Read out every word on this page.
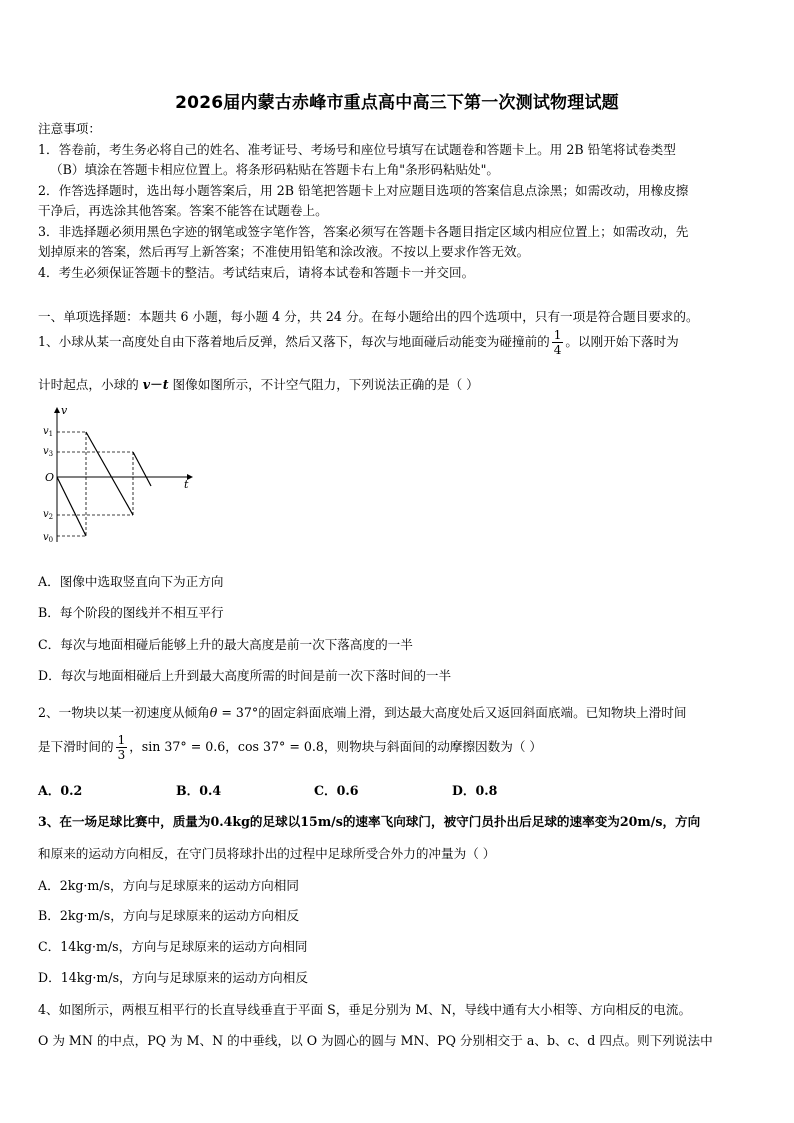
2026届内蒙古赤峰市重点高中高三下第一次测试物理试题
注意事项：
1．答卷前，考生务必将自己的姓名、准考证号、考场号和座位号填写在试题卷和答题卡上。用 2B 铅笔将试卷类型
（B）填涂在答题卡相应位置上。将条形码粘贴在答题卡右上角"条形码粘贴处"。
2．作答选择题时，选出每小题答案后，用 2B 铅笔把答题卡上对应题目选项的答案信息点涂黑；如需改动，用橡皮擦
干净后，再选涂其他答案。答案不能答在试题卷上。
3．非选择题必须用黑色字迹的钢笔或签字笔作答，答案必须写在答题卡各题目指定区域内相应位置上；如需改动，先
划掉原来的答案，然后再写上新答案；不准使用铅笔和涂改液。不按以上要求作答无效。
4．考生必须保证答题卡的整洁。考试结束后，请将本试卷和答题卡一并交回。
一、单项选择题：本题共 6 小题，每小题 4 分，共 24 分。在每小题给出的四个选项中，只有一项是符合题目要求的。
1、小球从某一高度处自由下落着地后反弹，然后又落下，每次与地面碰后动能变为碰撞前的 $\frac{1}{4}$ 。以刚开始下落时为
计时起点，小球的 v－t 图像如图所示，不计空气阻力，下列说法正确的是（ ）
v
t
O
$v_1$
$v_3$
$v_2$
$v_0$
A．图像中选取竖直向下为正方向
B．每个阶段的图线并不相互平行
C．每次与地面相碰后能够上升的最大高度是前一次下落高度的一半
D．每次与地面相碰后上升到最大高度所需的时间是前一次下落时间的一半
2、一物块以某一初速度从倾角θ = 37°的固定斜面底端上滑，到达最大高度处后又返回斜面底端。已知物块上滑时间
是下滑时间的 $\frac{1}{3}$ ，sin 37° = 0.6，cos 37° = 0.8，则物块与斜面间的动摩擦因数为（ ）
A．0.2	B．0.4	C．0.6	D．0.8
3、在一场足球比赛中，质量为0.4kg的足球以15m/s的速率飞向球门，被守门员扑出后足球的速率变为20m/s，方向
和原来的运动方向相反，在守门员将球扑出的过程中足球所受合外力的冲量为（ ）
A．2kg·m/s，方向与足球原来的运动方向相同
B．2kg·m/s，方向与足球原来的运动方向相反
C．14kg·m/s，方向与足球原来的运动方向相同
D．14kg·m/s，方向与足球原来的运动方向相反
4、如图所示，两根互相平行的长直导线垂直于平面 S，垂足分别为 M、N，导线中通有大小相等、方向相反的电流。
O 为 MN 的中点，PQ 为 M、N 的中垂线，以 O 为圆心的圆与 MN、PQ 分别相交于 a、b、c、d 四点。则下列说法中
